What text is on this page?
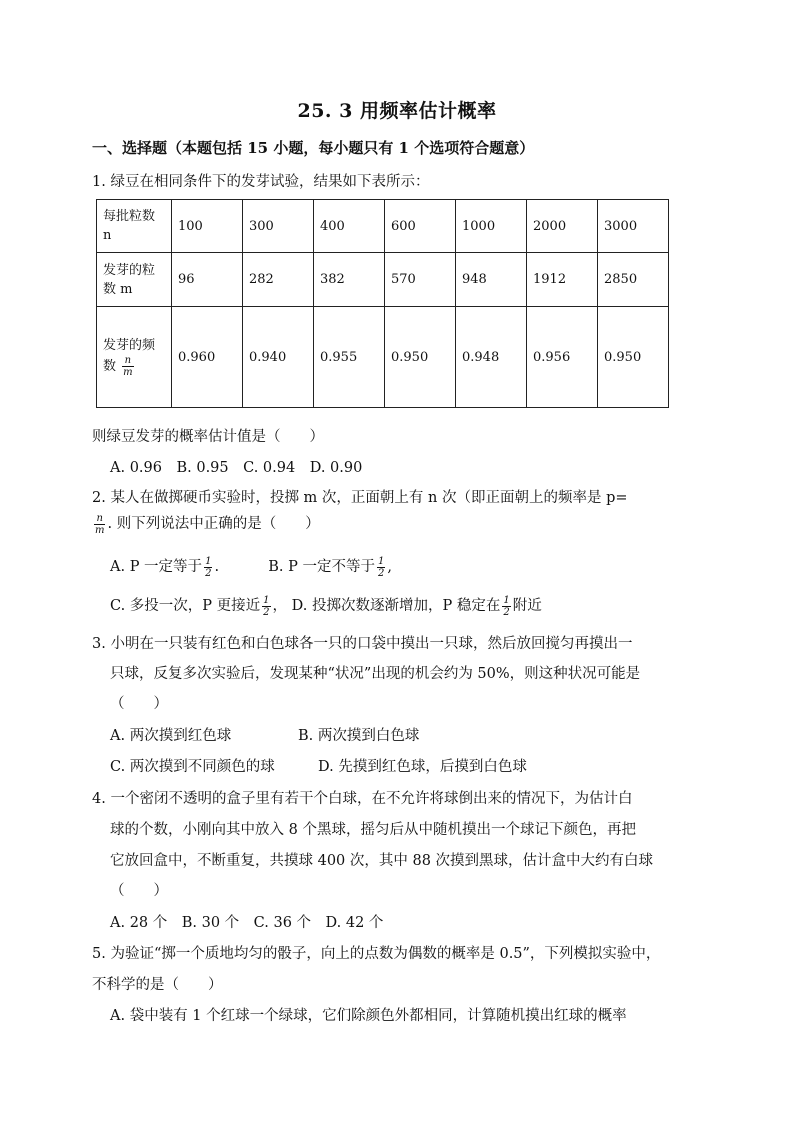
25. 3 用频率估计概率
一、选择题（本题包括 15 小题，每小题只有 1 个选项符合题意）
1. 绿豆在相同条件下的发芽试验，结果如下表所示：
每批粒数 n	100	300	400	600	1000	2000	3000
发芽的粒数 m	96	282	382	570	948	1912	2850
发芽的频数 $\frac{n}{m}$	0.960	0.940	0.955	0.950	0.948	0.956	0.950
则绿豆发芽的概率估计值是（　　）
A. 0.96　B. 0.95　C. 0.94　D. 0.90
2. 某人在做掷硬币实验时，投掷 m 次，正面朝上有 n 次（即正面朝上的频率是 p=
$\frac{n}{m}$ . 则下列说法中正确的是（　　）
A. P 一定等于 $\frac{1}{2}$ .	B. P 一定不等于 $\frac{1}{2}$ ,
C. 多投一次，P 更接近 $\frac{1}{2}$ ， D. 投掷次数逐渐增加，P 稳定在 $\frac{1}{2}$ 附近
3. 小明在一只装有红色和白色球各一只的口袋中摸出一只球，然后放回搅匀再摸出一
只球，反复多次实验后，发现某种“状况”出现的机会约为 50%，则这种状况可能是
（　　）
A. 两次摸到红色球	B. 两次摸到白色球
C. 两次摸到不同颜色的球	D. 先摸到红色球，后摸到白色球
4. 一个密闭不透明的盒子里有若干个白球，在不允许将球倒出来的情况下，为估计白
球的个数，小刚向其中放入 8 个黑球，摇匀后从中随机摸出一个球记下颜色，再把
它放回盒中，不断重复，共摸球 400 次，其中 88 次摸到黑球，估计盒中大约有白球
（　　）
A. 28 个　B. 30 个　C. 36 个　D. 42 个
5. 为验证“掷一个质地均匀的骰子，向上的点数为偶数的概率是 0.5”，下列模拟实验中，
不科学的是（　　）
A. 袋中装有 1 个红球一个绿球，它们除颜色外都相同，计算随机摸出红球的概率
